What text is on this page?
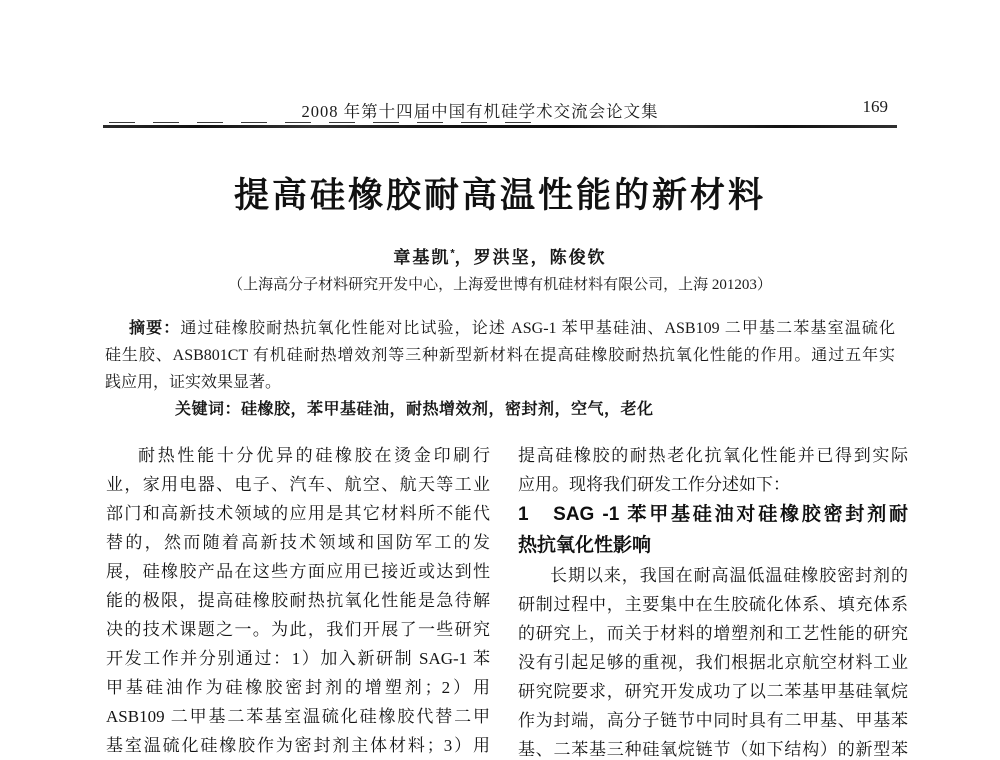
2008 年第十四届中国有机硅学术交流会论文集	169
提高硅橡胶耐高温性能的新材料
章基凯*，罗洪坚，陈俊钦
（上海高分子材料研究开发中心，上海爱世博有机硅材料有限公司，上海 201203）
摘要：通过硅橡胶耐热抗氧化性能对比试验，论述 ASG-1 苯甲基硅油、ASB109 二甲基二苯基室温硫化
硅生胶、ASB801CT 有机硅耐热增效剂等三种新型新材料在提高硅橡胶耐热抗氧化性能的作用。通过五年实
践应用，证实效果显著。
关键词：硅橡胶，苯甲基硅油，耐热增效剂，密封剂，空气，老化
耐热性能十分优异的硅橡胶在烫金印刷行
业，家用电器、电子、汽车、航空、航天等工业
部门和高新技术领域的应用是其它材料所不能代
替的，然而随着高新技术领域和国防军工的发
展，硅橡胶产品在这些方面应用已接近或达到性
能的极限，提高硅橡胶耐热抗氧化性能是急待解
决的技术课题之一。为此，我们开展了一些研究
开发工作并分别通过：1）加入新研制 SAG-1 苯
甲基硅油作为硅橡胶密封剂的增塑剂；2）用
ASB109 二甲基二苯基室温硫化硅橡胶代替二甲
基室温硫化硅橡胶作为密封剂主体材料；3）用
提高硅橡胶的耐热老化抗氧化性能并已得到实际
应用。现将我们研发工作分述如下：
1　SAG -1 苯甲基硅油对硅橡胶密封剂耐
热抗氧化性影响
长期以来，我国在耐高温低温硅橡胶密封剂的
研制过程中，主要集中在生胶硫化体系、填充体系
的研究上，而关于材料的增塑剂和工艺性能的研究
没有引起足够的重视，我们根据北京航空材料工业
研究院要求，研究开发成功了以二苯基甲基硅氧烷
作为封端，高分子链节中同时具有二甲基、甲基苯
基、二苯基三种硅氧烷链节（如下结构）的新型苯
